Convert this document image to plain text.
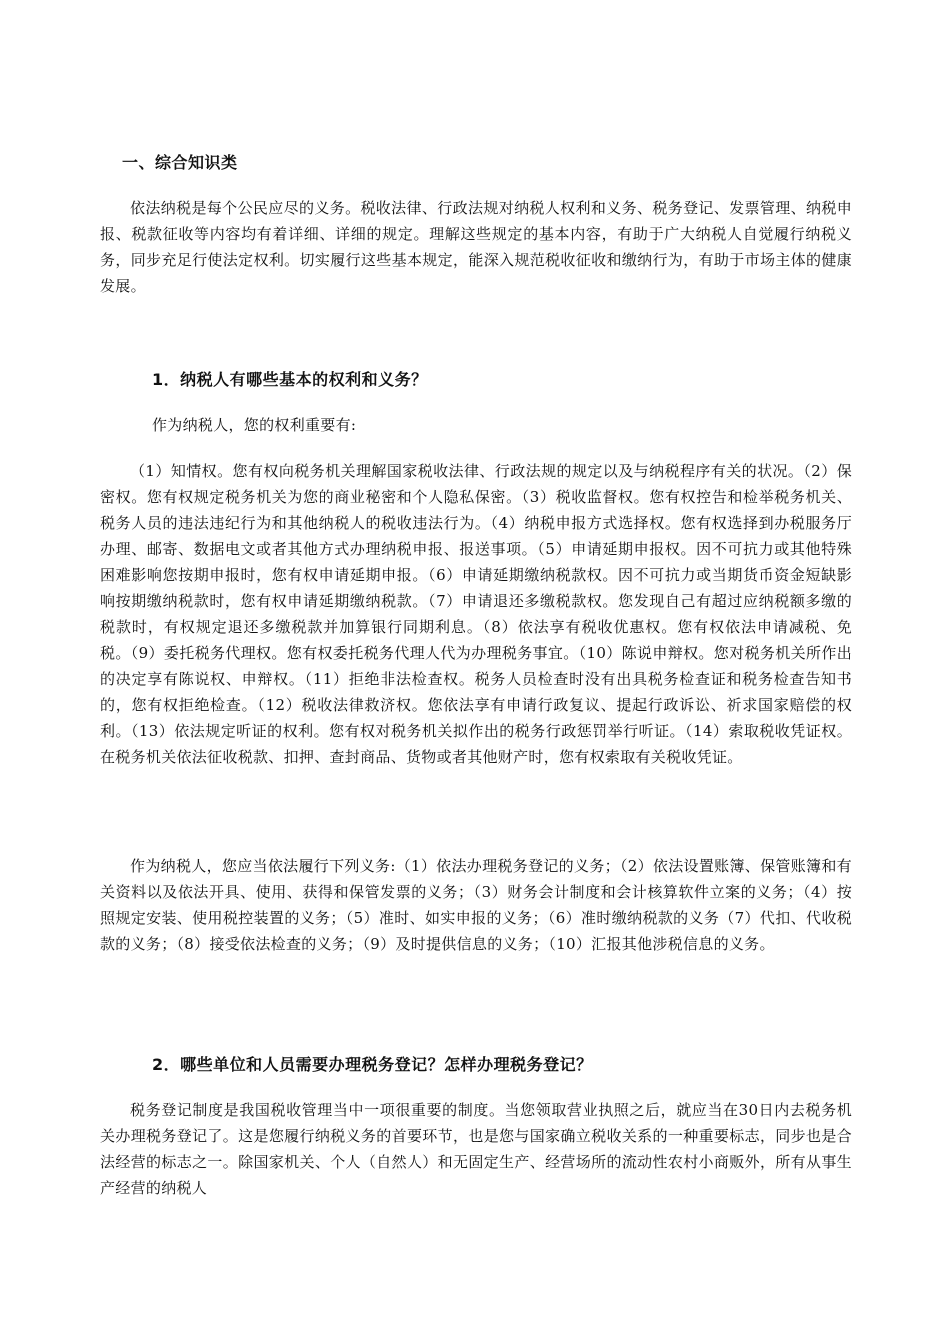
一、综合知识类

依法纳税是每个公民应尽的义务。税收法律、行政法规对纳税人权利和义务、税务登记、发票管理、纳税申报、税款征收等内容均有着详细、详细的规定。理解这些规定的基本内容，有助于广大纳税人自觉履行纳税义务，同步充足行使法定权利。切实履行这些基本规定，能深入规范税收征收和缴纳行为，有助于市场主体的健康发展。

1．纳税人有哪些基本的权利和义务？

作为纳税人，您的权利重要有:

（1）知情权。您有权向税务机关理解国家税收法律、行政法规的规定以及与纳税程序有关的状况。（2）保密权。您有权规定税务机关为您的商业秘密和个人隐私保密。（3）税收监督权。您有权控告和检举税务机关、税务人员的违法违纪行为和其他纳税人的税收违法行为。（4）纳税申报方式选择权。您有权选择到办税服务厅办理、邮寄、数据电文或者其他方式办理纳税申报、报送事项。（5）申请延期申报权。因不可抗力或其他特殊困难影响您按期申报时，您有权申请延期申报。（6）申请延期缴纳税款权。因不可抗力或当期货币资金短缺影响按期缴纳税款时，您有权申请延期缴纳税款。（7）申请退还多缴税款权。您发现自己有超过应纳税额多缴的税款时，有权规定退还多缴税款并加算银行同期利息。（8）依法享有税收优惠权。您有权依法申请减税、免税。（9）委托税务代理权。您有权委托税务代理人代为办理税务事宜。（10）陈说申辩权。您对税务机关所作出的决定享有陈说权、申辩权。（11）拒绝非法检查权。税务人员检查时没有出具税务检查证和税务检查告知书的，您有权拒绝检查。（12）税收法律救济权。您依法享有申请行政复议、提起行政诉讼、祈求国家赔偿的权利。（13）依法规定听证的权利。您有权对税务机关拟作出的税务行政惩罚举行听证。（14）索取税收凭证权。在税务机关依法征收税款、扣押、查封商品、货物或者其他财产时，您有权索取有关税收凭证。

作为纳税人，您应当依法履行下列义务:（1）依法办理税务登记的义务；（2）依法设置账簿、保管账簿和有关资料以及依法开具、使用、获得和保管发票的义务；（3）财务会计制度和会计核算软件立案的义务；（4）按照规定安装、使用税控装置的义务；（5）准时、如实申报的义务；（6）准时缴纳税款的义务（7）代扣、代收税款的义务；（8）接受依法检查的义务；（9）及时提供信息的义务；（10）汇报其他涉税信息的义务。

2．哪些单位和人员需要办理税务登记？怎样办理税务登记？

税务登记制度是我国税收管理当中一项很重要的制度。当您领取营业执照之后，就应当在30日内去税务机关办理税务登记了。这是您履行纳税义务的首要环节，也是您与国家确立税收关系的一种重要标志，同步也是合法经营的标志之一。除国家机关、个人（自然人）和无固定生产、经营场所的流动性农村小商贩外，所有从事生产经营的纳税人
